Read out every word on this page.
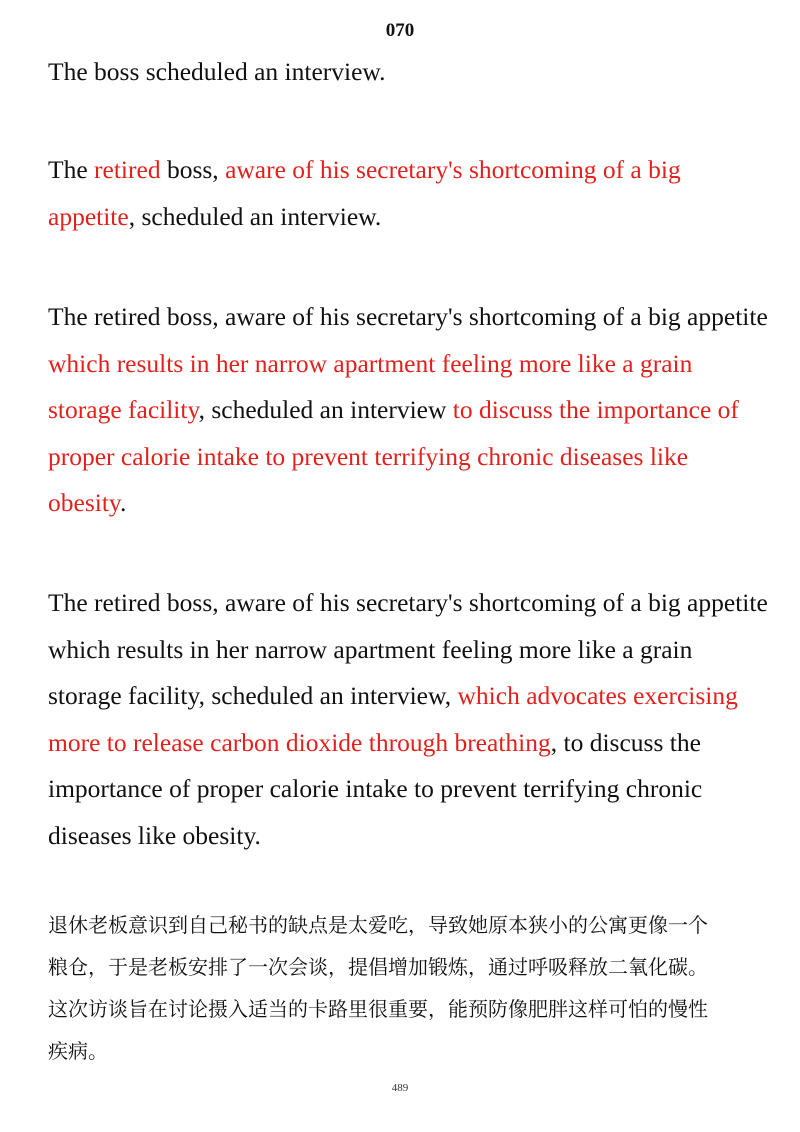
070

The boss scheduled an interview.

The retired boss, aware of his secretary's shortcoming of a big appetite, scheduled an interview.

The retired boss, aware of his secretary's shortcoming of a big appetite which results in her narrow apartment feeling more like a grain storage facility, scheduled an interview to discuss the importance of proper calorie intake to prevent terrifying chronic diseases like obesity.

The retired boss, aware of his secretary's shortcoming of a big appetite which results in her narrow apartment feeling more like a grain storage facility, scheduled an interview, which advocates exercising more to release carbon dioxide through breathing, to discuss the importance of proper calorie intake to prevent terrifying chronic diseases like obesity.

退休老板意识到自己秘书的缺点是太爱吃，导致她原本狭小的公寓更像一个
粮仓，于是老板安排了一次会谈，提倡增加锻炼，通过呼吸释放二氧化碳。
这次访谈旨在讨论摄入适当的卡路里很重要，能预防像肥胖这样可怕的慢性
疾病。

489
